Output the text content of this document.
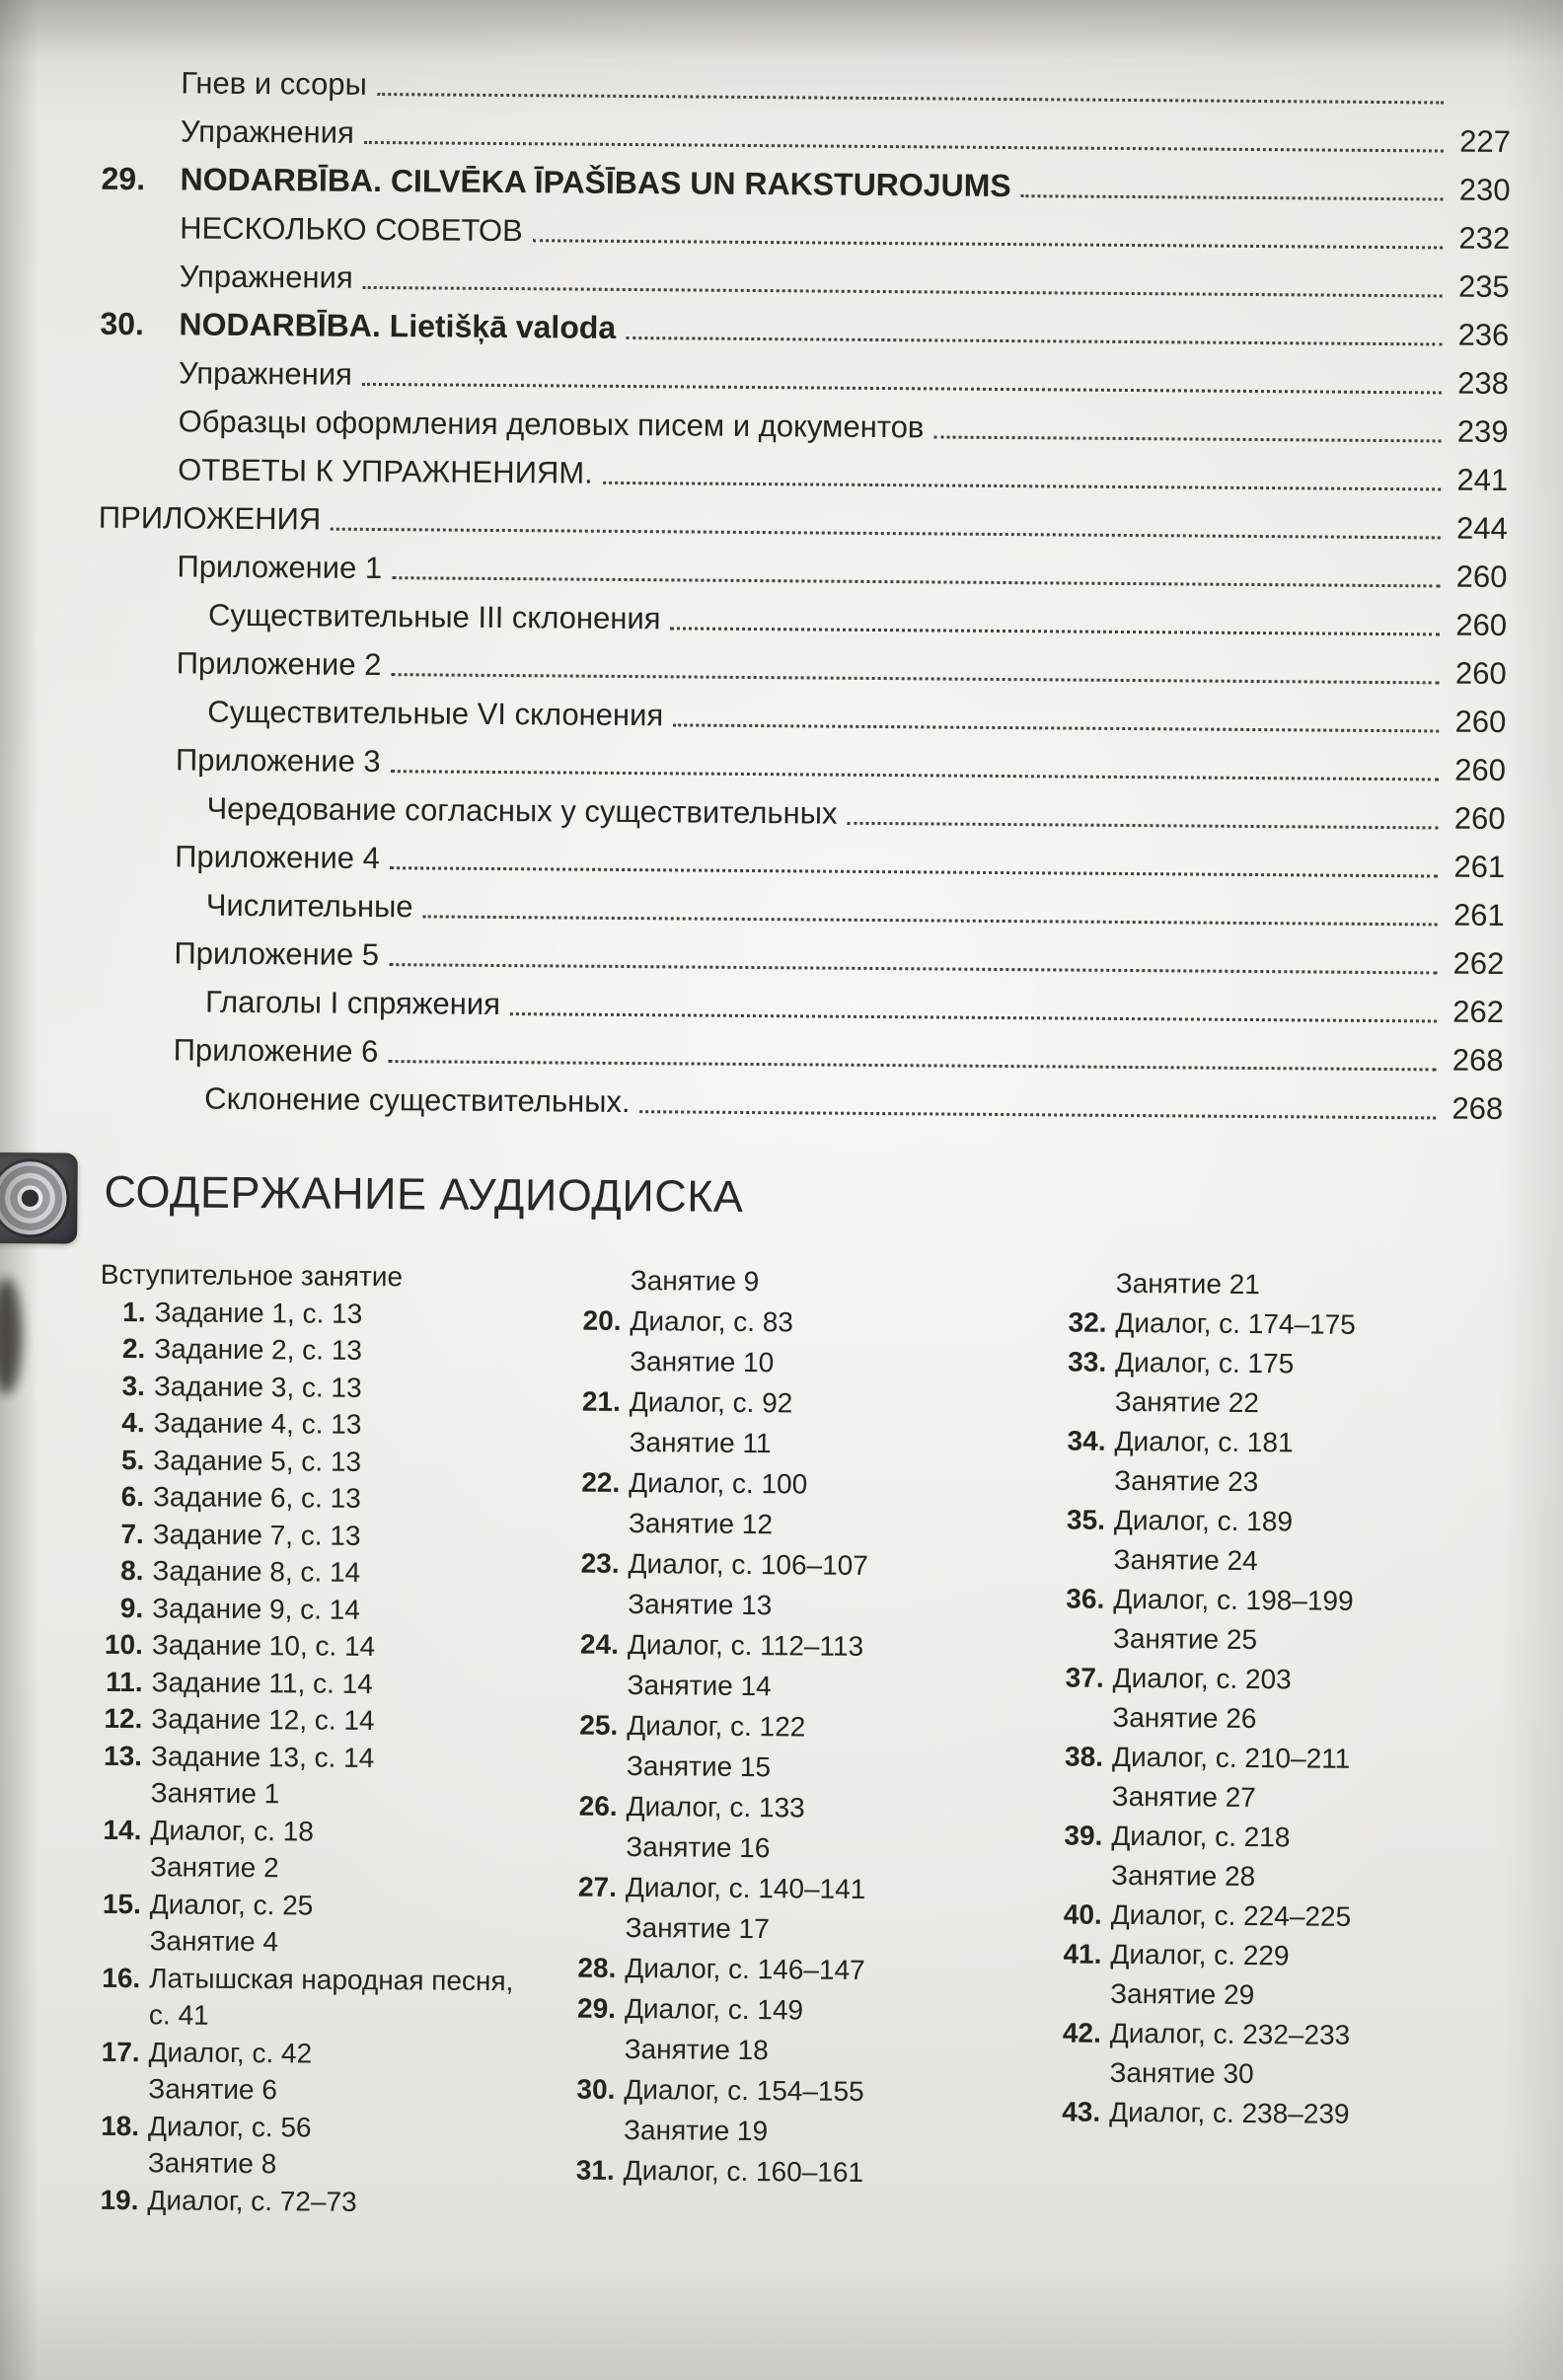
Гнев и ссоры
Упражнения	227
29.	NODARBĪBA. CILVĒKA ĪPAŠĪBAS UN RAKSTUROJUMS	230
НЕСКОЛЬКО СОВЕТОВ	232
Упражнения	235
30.	NODARBĪBA. Lietišķā valoda	236
Упражнения	238
Образцы оформления деловых писем и документов	239
ОТВЕТЫ К УПРАЖНЕНИЯМ.	241
ПРИЛОЖЕНИЯ	244
Приложение 1	260
Существительные III склонения	260
Приложение 2	260
Существительные VI склонения	260
Приложение 3	260
Чередование согласных у существительных	260
Приложение 4	261
Числительные	261
Приложение 5	262
Глаголы I спряжения	262
Приложение 6	268
Склонение существительных.	268
СОДЕРЖАНИЕ АУДИОДИСКА
Вступительное занятие
1. Задание 1, с. 13
2. Задание 2, с. 13
3. Задание 3, с. 13
4. Задание 4, с. 13
5. Задание 5, с. 13
6. Задание 6, с. 13
7. Задание 7, с. 13
8. Задание 8, с. 14
9. Задание 9, с. 14
10. Задание 10, с. 14
11. Задание 11, с. 14
12. Задание 12, с. 14
13. Задание 13, с. 14
Занятие 1
14. Диалог, с. 18
Занятие 2
15. Диалог, с. 25
Занятие 4
16. Латышская народная песня, с. 41
17. Диалог, с. 42
Занятие 6
18. Диалог, с. 56
Занятие 8
19. Диалог, с. 72–73
Занятие 9
20. Диалог, с. 83
Занятие 10
21. Диалог, с. 92
Занятие 11
22. Диалог, с. 100
Занятие 12
23. Диалог, с. 106–107
Занятие 13
24. Диалог, с. 112–113
Занятие 14
25. Диалог, с. 122
Занятие 15
26. Диалог, с. 133
Занятие 16
27. Диалог, с. 140–141
Занятие 17
28. Диалог, с. 146–147
29. Диалог, с. 149
Занятие 18
30. Диалог, с. 154–155
Занятие 19
31. Диалог, с. 160–161
Занятие 21
32. Диалог, с. 174–175
33. Диалог, с. 175
Занятие 22
34. Диалог, с. 181
Занятие 23
35. Диалог, с. 189
Занятие 24
36. Диалог, с. 198–199
Занятие 25
37. Диалог, с. 203
Занятие 26
38. Диалог, с. 210–211
Занятие 27
39. Диалог, с. 218
Занятие 28
40. Диалог, с. 224–225
41. Диалог, с. 229
Занятие 29
42. Диалог, с. 232–233
Занятие 30
43. Диалог, с. 238–239
